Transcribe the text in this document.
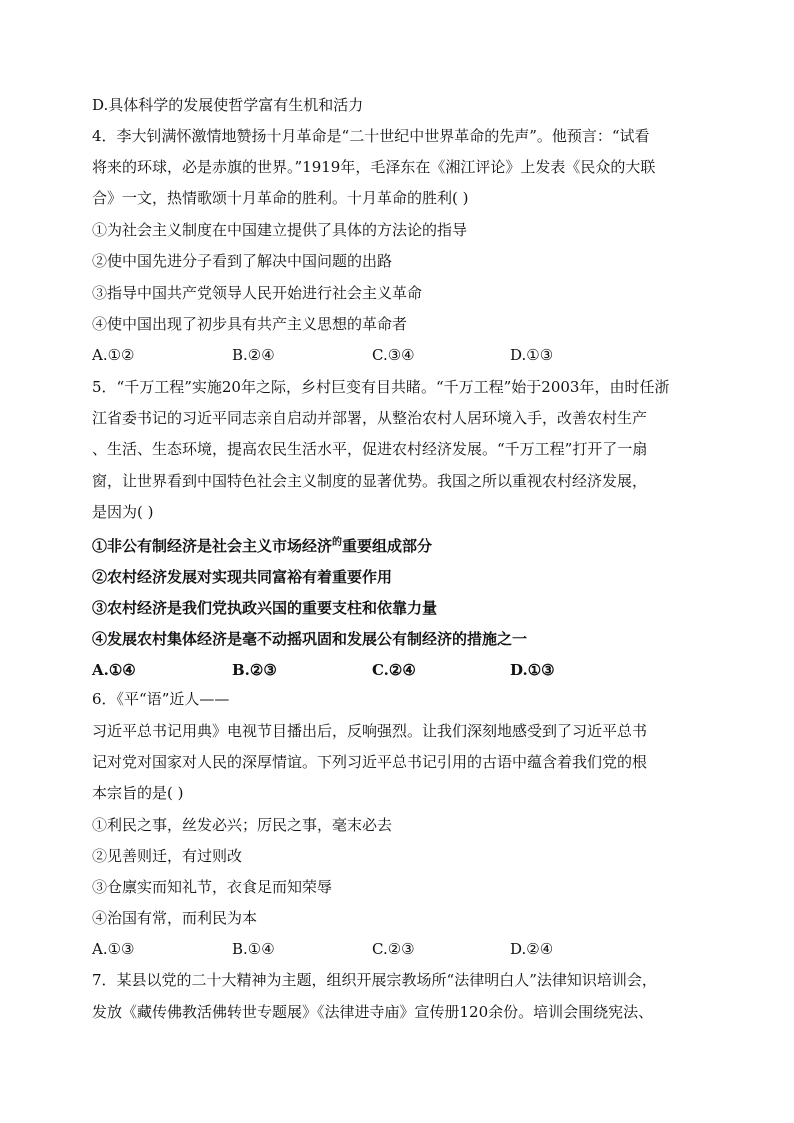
D.具体科学的发展使哲学富有生机和活力
4．李大钊满怀激情地赞扬十月革命是“二十世纪中世界革命的先声”。他预言：“试看
将来的环球，必是赤旗的世界。”1919年，毛泽东在《湘江评论》上发表《民众的大联
合》一文，热情歌颂十月革命的胜利。十月革命的胜利( )
①为社会主义制度在中国建立提供了具体的方法论的指导
②使中国先进分子看到了解决中国问题的出路
③指导中国共产党领导人民开始进行社会主义革命
④使中国出现了初步具有共产主义思想的革命者
A.①②	B.②④	C.③④	D.①③
5．“千万工程”实施20年之际，乡村巨变有目共睹。“千万工程”始于2003年，由时任浙
江省委书记的习近平同志亲自启动并部署，从整治农村人居环境入手，改善农村生产
、生活、生态环境，提高农民生活水平，促进农村经济发展。“千万工程”打开了一扇
窗，让世界看到中国特色社会主义制度的显著优势。我国之所以重视农村经济发展，
是因为( )
①非公有制经济是社会主义市场经济$^的$重要组成部分
②农村经济发展对实现共同富裕有着重要作用
③农村经济是我们党执政兴国的重要支柱和依靠力量
④发展农村集体经济是毫不动摇巩固和发展公有制经济的措施之一
A.①④	B.②③	C.②④	D.①③
6．《平“语”近人——
习近平总书记用典》电视节目播出后，反响强烈。让我们深刻地感受到了习近平总书
记对党对国家对人民的深厚情谊。下列习近平总书记引用的古语中蕴含着我们党的根
本宗旨的是( )
①利民之事，丝发必兴；厉民之事，毫末必去
②见善则迁，有过则改
③仓廪实而知礼节，衣食足而知荣辱
④治国有常，而利民为本
A.①③	B.①④	C.②③	D.②④
7．某县以党的二十大精神为主题，组织开展宗教场所“法律明白人”法律知识培训会，
发放《藏传佛教活佛转世专题展》《法律进寺庙》宣传册120余份。培训会围绕宪法、
